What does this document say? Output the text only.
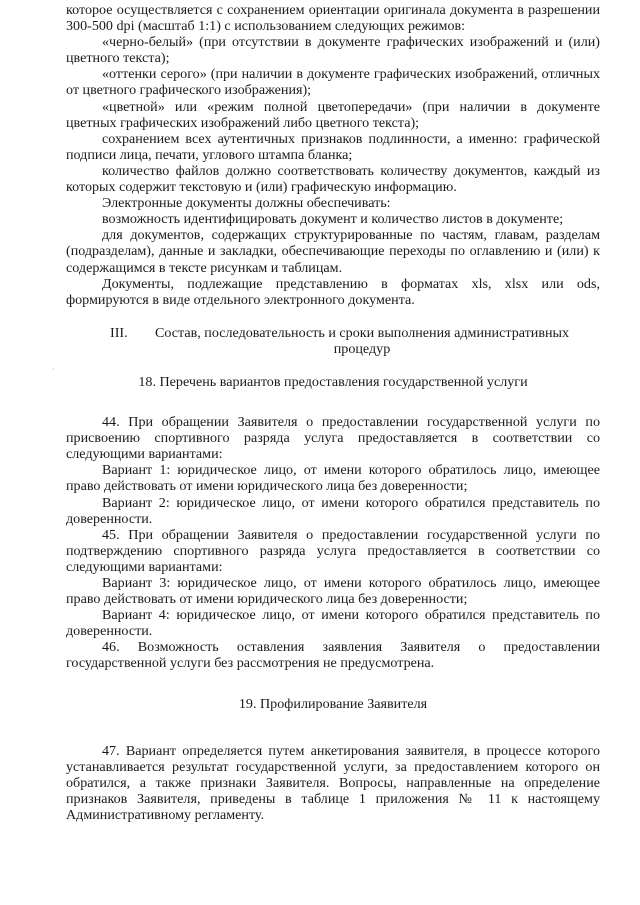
которое осуществляется с сохранением ориентации оригинала документа в разрешении 300-500 dpi (масштаб 1:1) с использованием следующих режимов:

«черно-белый» (при отсутствии в документе графических изображений и (или) цветного текста);

«оттенки серого» (при наличии в документе графических изображений, отличных от цветного графического изображения);

«цветной» или «режим полной цветопередачи» (при наличии в документе цветных графических изображений либо цветного текста);

сохранением всех аутентичных признаков подлинности, а именно: графической подписи лица, печати, углового штампа бланка;

количество файлов должно соответствовать количеству документов, каждый из которых содержит текстовую и (или) графическую информацию.

Электронные документы должны обеспечивать:

возможность идентифицировать документ и количество листов в документе;

для документов, содержащих структурированные по частям, главам, разделам (подразделам), данные и закладки, обеспечивающие переходы по оглавлению и (или) к содержащимся в тексте рисункам и таблицам.

Документы, подлежащие представлению в форматах xls, xlsx или ods, формируются в виде отдельного электронного документа.

III.	Состав, последовательность и сроки выполнения административных процедур

18. Перечень вариантов предоставления государственной услуги

44. При обращении Заявителя о предоставлении государственной услуги по присвоению спортивного разряда услуга предоставляется в соответствии со следующими вариантами:

Вариант 1: юридическое лицо, от имени которого обратилось лицо, имеющее право действовать от имени юридического лица без доверенности;

Вариант 2: юридическое лицо, от имени которого обратился представитель по доверенности.

45. При обращении Заявителя о предоставлении государственной услуги по подтверждению спортивного разряда услуга предоставляется в соответствии со следующими вариантами:

Вариант 3: юридическое лицо, от имени которого обратилось лицо, имеющее право действовать от имени юридического лица без доверенности;

Вариант 4: юридическое лицо, от имени которого обратился представитель по доверенности.

46. Возможность оставления заявления Заявителя о предоставлении государственной услуги без рассмотрения не предусмотрена.

19. Профилирование Заявителя

47. Вариант определяется путем анкетирования заявителя, в процессе которого устанавливается результат государственной услуги, за предоставлением которого он обратился, а также признаки Заявителя. Вопросы, направленные на определение признаков Заявителя, приведены в таблице 1 приложения № 11 к настоящему Административному регламенту.

·
